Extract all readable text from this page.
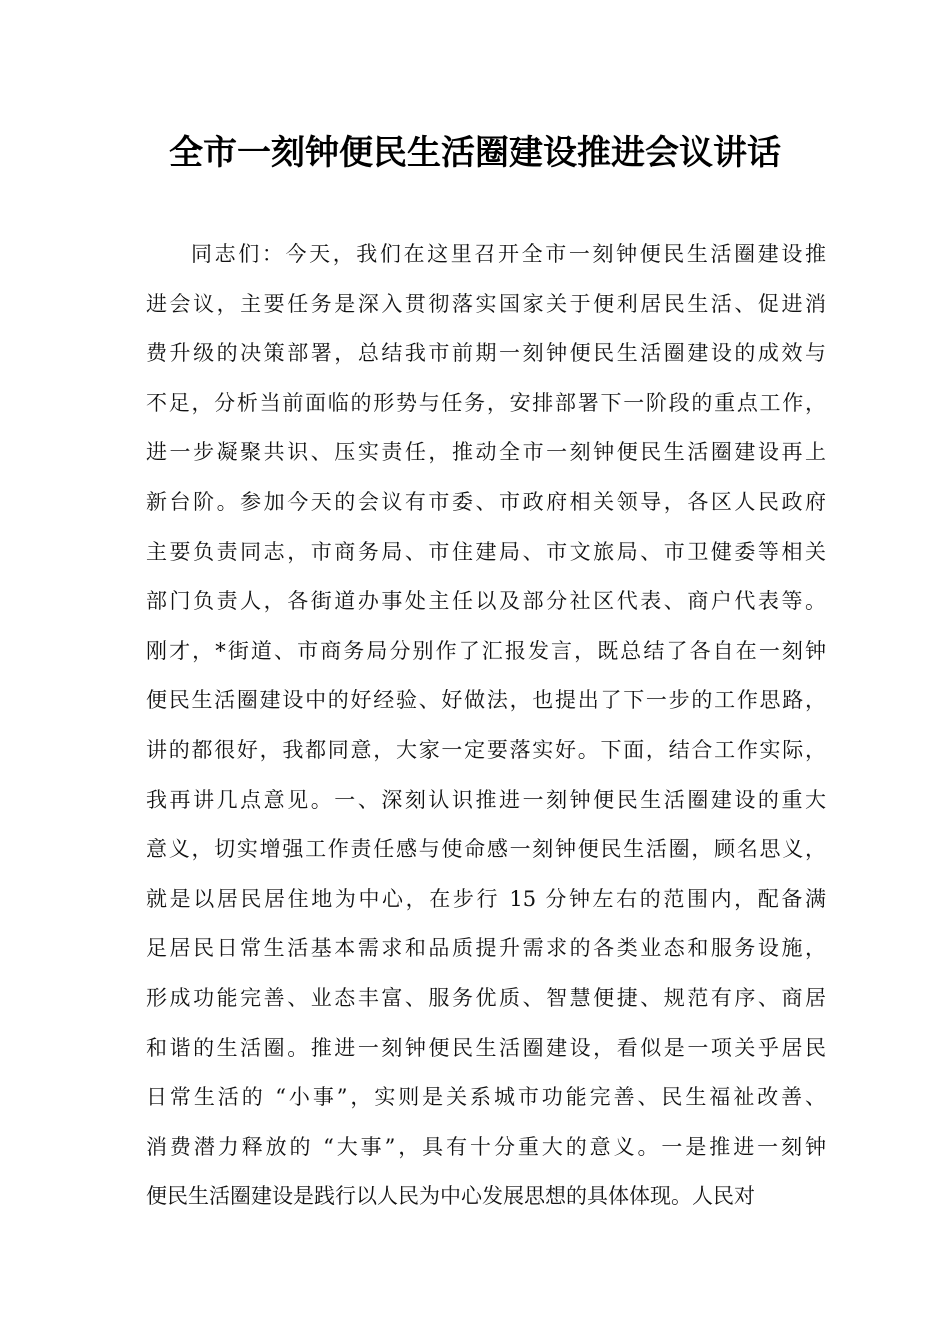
全市一刻钟便民生活圈建设推进会议讲话
同志们：今天，我们在这里召开全市一刻钟便民生活圈建设推
进会议，主要任务是深入贯彻落实国家关于便利居民生活、促进消
费升级的决策部署，总结我市前期一刻钟便民生活圈建设的成效与
不足，分析当前面临的形势与任务，安排部署下一阶段的重点工作，
进一步凝聚共识、压实责任，推动全市一刻钟便民生活圈建设再上
新台阶。参加今天的会议有市委、市政府相关领导，各区人民政府
主要负责同志，市商务局、市住建局、市文旅局、市卫健委等相关
部门负责人，各街道办事处主任以及部分社区代表、商户代表等。
刚才，*街道、市商务局分别作了汇报发言，既总结了各自在一刻钟
便民生活圈建设中的好经验、好做法，也提出了下一步的工作思路，
讲的都很好，我都同意，大家一定要落实好。下面，结合工作实际，
我再讲几点意见。一、深刻认识推进一刻钟便民生活圈建设的重大
意义，切实增强工作责任感与使命感一刻钟便民生活圈，顾名思义，
就是以居民居住地为中心，在步行 15 分钟左右的范围内，配备满
足居民日常生活基本需求和品质提升需求的各类业态和服务设施，
形成功能完善、业态丰富、服务优质、智慧便捷、规范有序、商居
和谐的生活圈。推进一刻钟便民生活圈建设，看似是一项关乎居民
日常生活的 “小事”，实则是关系城市功能完善、民生福祉改善、
消费潜力释放的 “大事”，具有十分重大的意义。一是推进一刻钟
便民生活圈建设是践行以人民为中心发展思想的具体体现。人民对
